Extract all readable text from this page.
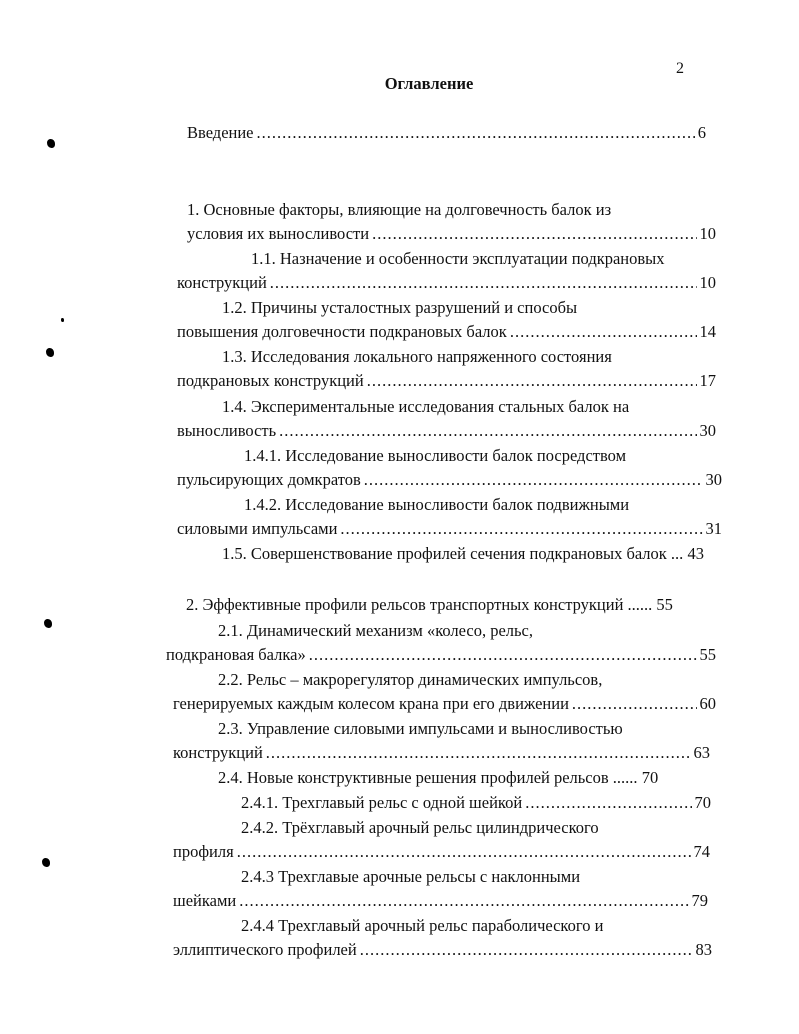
2
Оглавление
Введение .....	6
1. Основные факторы, влияющие на долговечность балок из
условия их выносливости .....	10
1.1. Назначение и особенности эксплуатации подкрановых
конструкций .....	10
1.2. Причины усталостных разрушений и способы
повышения долговечности подкрановых балок .....	14
1.3. Исследования локального напряженного состояния
подкрановых конструкций .....	17
1.4. Экспериментальные исследования стальных балок на
выносливость .....	30
1.4.1. Исследование выносливости балок посредством
пульсирующих домкратов .....	30
1.4.2. Исследование выносливости балок подвижными
силовыми импульсами .....	31
1.5. Совершенствование профилей сечения подкрановых балок ... 43
2. Эффективные профили рельсов транспортных конструкций ...... 55
2.1. Динамический механизм «колесо, рельс,
подкрановая балка» .....	55
2.2. Рельс – макрорегулятор динамических импульсов,
генерируемых каждым колесом крана при его движении .....	60
2.3. Управление силовыми импульсами и выносливостью
конструкций .....	63
2.4. Новые конструктивные решения профилей рельсов ...... 70
2.4.1. Трехглавый рельс с одной шейкой .....	70
2.4.2. Трёхглавый арочный рельс цилиндрического
профиля .....	74
2.4.3 Трехглавые арочные рельсы с наклонными
шейками .....	79
2.4.4 Трехглавый арочный рельс параболического и
эллиптического профилей .....	83
